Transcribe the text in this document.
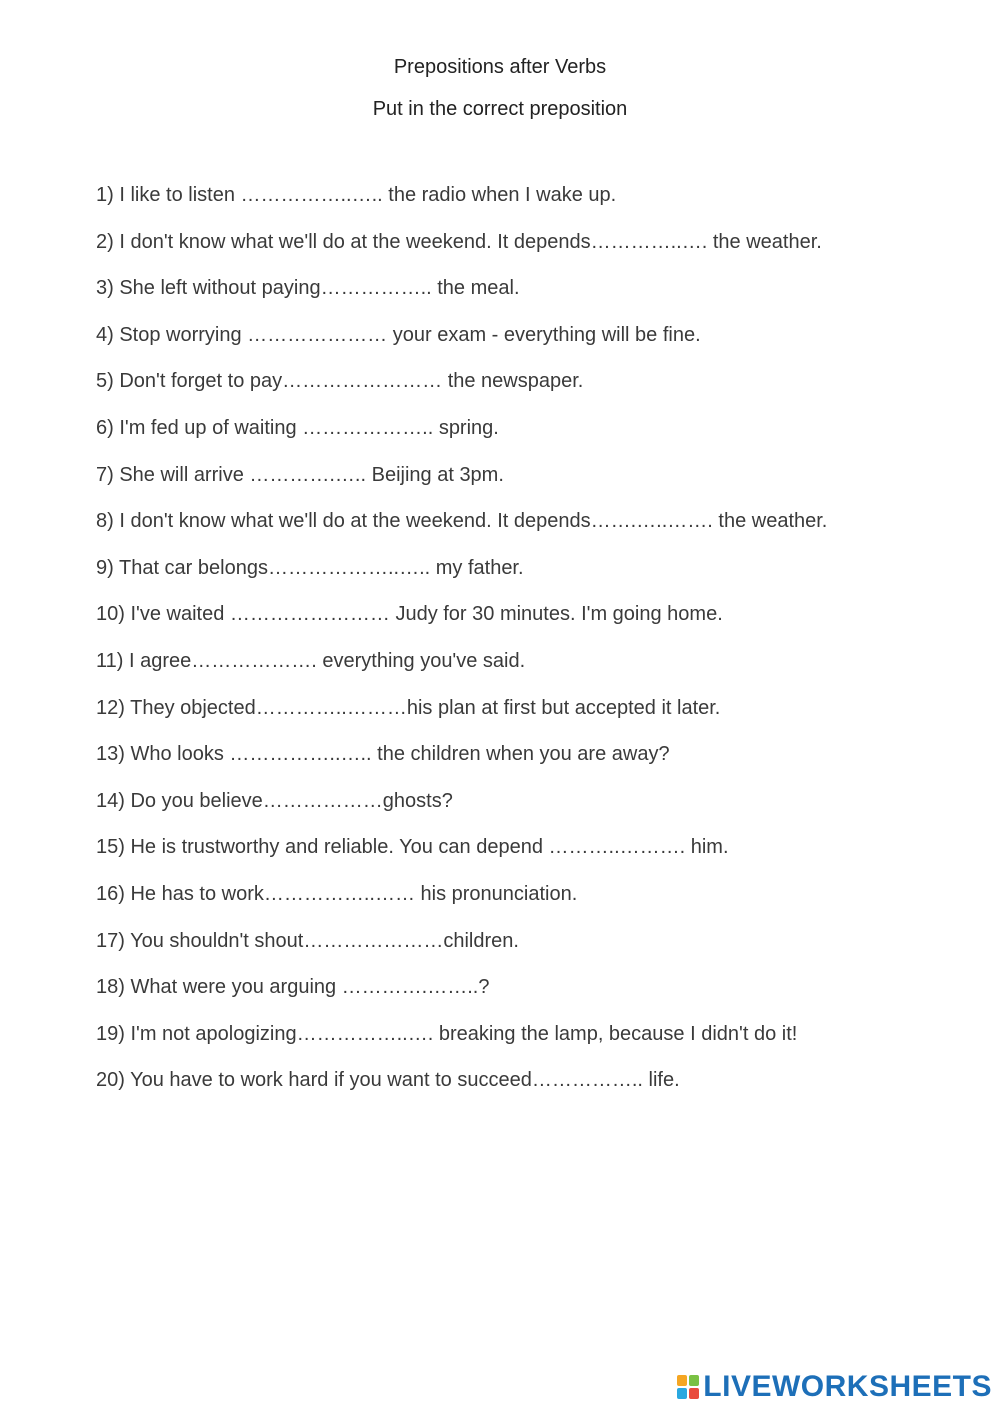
Prepositions after Verbs
Put in the correct preposition
1) I like to listen ……………..….. the radio when I wake up.
2) I don't know what we'll do at the weekend. It depends…………..…. the weather.
3) She left without paying…………….. the meal.
4) Stop worrying ………………… your exam - everything will be fine.
5) Don't forget to pay…………………… the newspaper.
6) I'm fed up of waiting ……………….. spring.
7) She will arrive ………….….. Beijing at 3pm.
8) I don't know what we'll do at the weekend. It depends…….…..……. the weather.
9) That car belongs………………..….. my father.
10) I've waited …………………… Judy for 30 minutes. I'm going home.
11) I agree………………. everything you've said.
12) They objected…………..………his plan at first but accepted it later.
13) Who looks ……………..….. the children when you are away?
14) Do you believe………………ghosts?
15) He is trustworthy and reliable. You can depend ………..………. him.
16) He has to work……………..…… his pronunciation.
17) You shouldn't shout…………………children.
18) What were you arguing ………….……..?
19) I'm not apologizing……………..…. breaking the lamp, because I didn't do it!
20) You have to work hard if you want to succeed…………….. life.
LIVEWORKSHEETS
